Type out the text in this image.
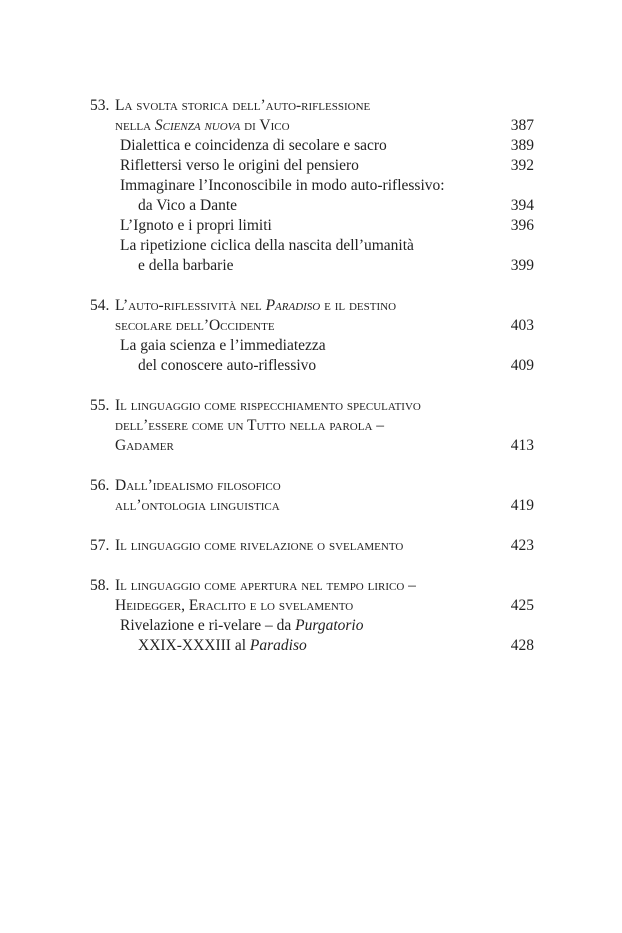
53. La svolta storica dell’auto-riflessione
nella Scienza nuova di Vico	387
Dialettica e coincidenza di secolare e sacro	389
Riflettersi verso le origini del pensiero	392
Immaginare l’Inconoscibile in modo auto-riflessivo:
da Vico a Dante	394
L’Ignoto e i propri limiti	396
La ripetizione ciclica della nascita dell’umanità
e della barbarie	399
54. L’auto-riflessività nel Paradiso e il destino
secolare dell’Occidente	403
La gaia scienza e l’immediatezza
del conoscere auto-riflessivo	409
55. Il linguaggio come rispecchiamento speculativo
dell’essere come un Tutto nella parola –
Gadamer	413
56. Dall’idealismo filosofico
all’ontologia linguistica	419
57. Il linguaggio come rivelazione o svelamento	423
58. Il linguaggio come apertura nel tempo lirico –
Heidegger, Eraclito e lo svelamento	425
Rivelazione e ri-velare – da Purgatorio
XXIX-XXXIII al Paradiso	428
